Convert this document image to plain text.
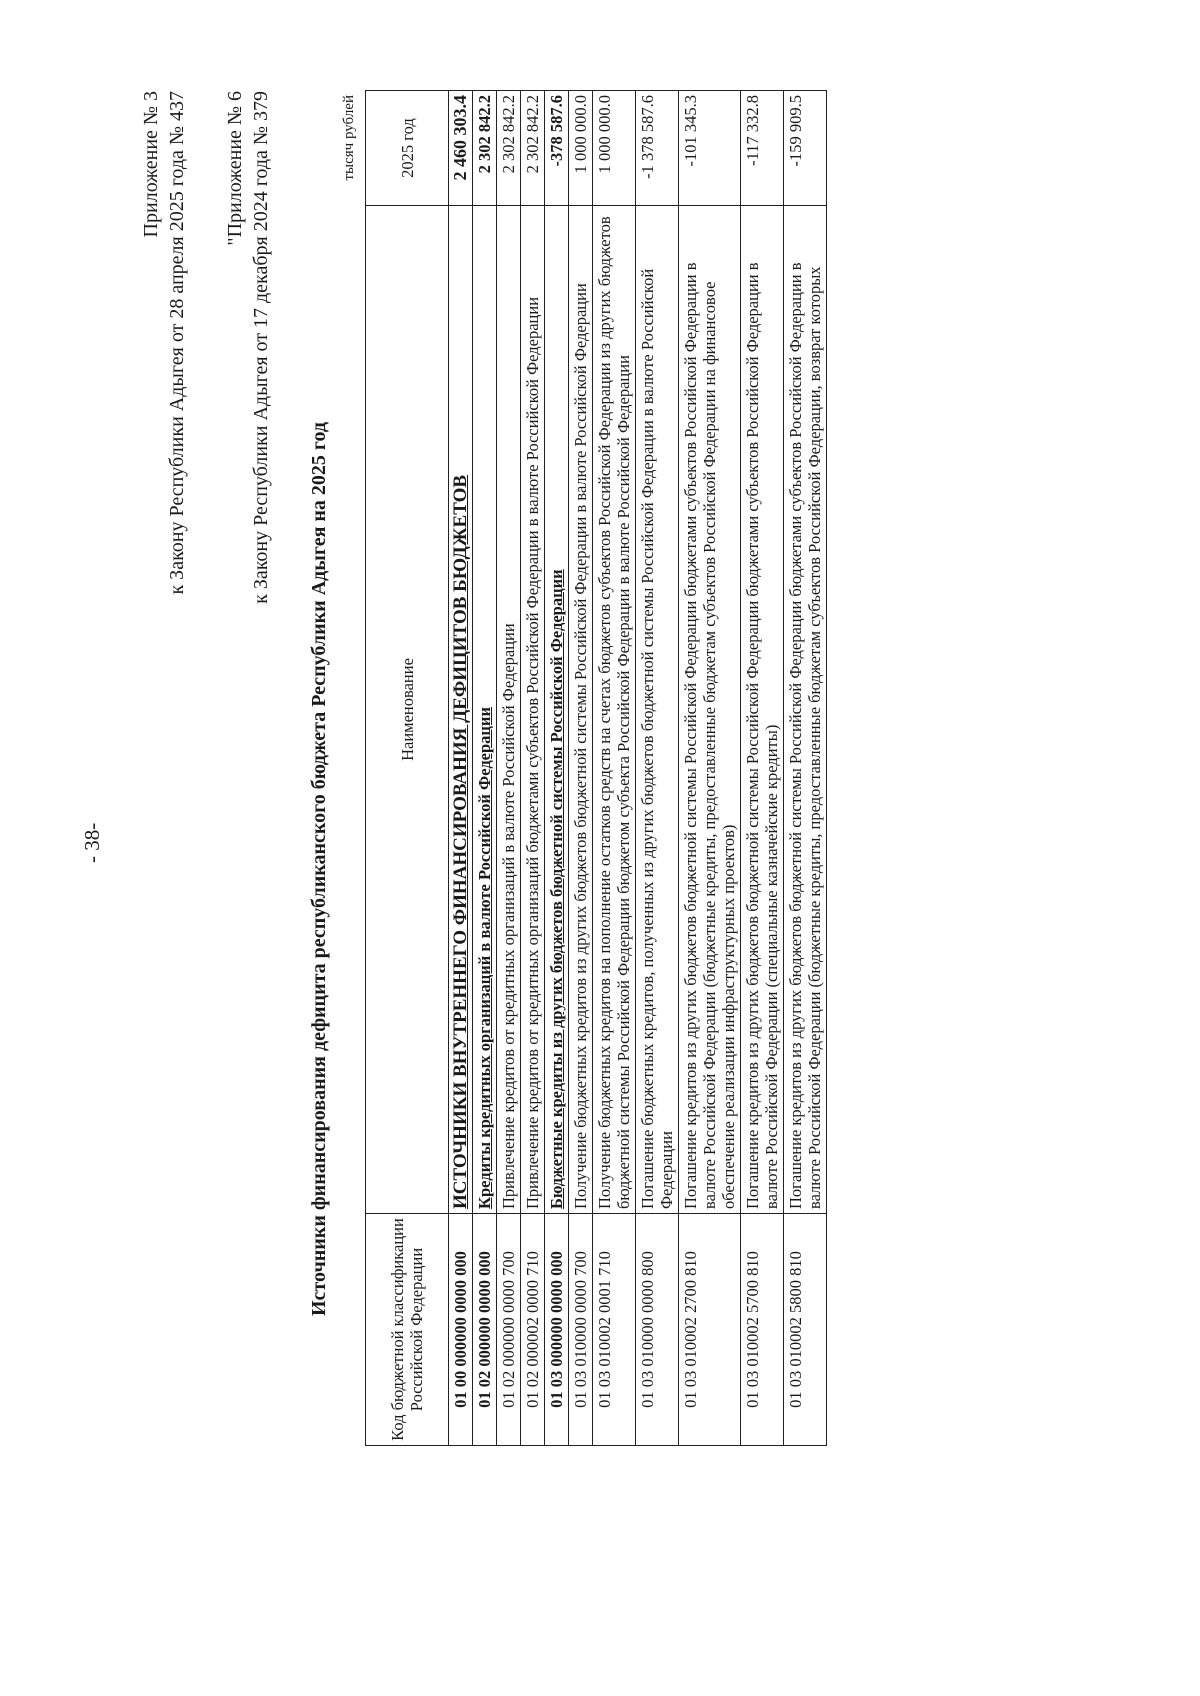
- 38-
Приложение № 3 к Закону Республики Адыгея от 28 апреля 2025 года № 437 "Приложение № 6 к Закону Республики Адыгея от 17 декабря 2024 года № 379
Источники финансирования дефицита республиканского бюджета Республики Адыгея на 2025 год
тысяч рублей
Код бюджетной классификации Российской Федерации	Наименование	2025 год
01 00 000000 0000 000	ИСТОЧНИКИ ВНУТРЕННЕГО ФИНАНСИРОВАНИЯ ДЕФИЦИТОВ БЮДЖЕТОВ	2 460 303.4
01 02 000000 0000 000	Кредиты кредитных организаций в валюте Российской Федерации	2 302 842.2
01 02 000000 0000 700	Привлечение кредитов от кредитных организаций в валюте Российской Федерации	2 302 842.2
01 02 000002 0000 710	Привлечение кредитов от кредитных организаций бюджетами субъектов Российской Федерации в валюте Российской Федерации	2 302 842.2
01 03 000000 0000 000	Бюджетные кредиты из других бюджетов бюджетной системы Российской Федерации	-378 587.6
01 03 010000 0000 700	Получение бюджетных кредитов из других бюджетов бюджетной системы Российской Федерации в валюте Российской Федерации	1 000 000.0
01 03 010002 0001 710	Получение бюджетных кредитов на пополнение остатков средств на счетах бюджетов субъектов Российской Федерации из других бюджетов бюджетной системы Российской Федерации бюджетом субъекта Российской Федерации в валюте Российской Федерации	1 000 000.0
01 03 010000 0000 800	Погашение бюджетных кредитов, полученных из других бюджетов бюджетной системы Российской Федерации в валюте Российской Федерации	-1 378 587.6
01 03 010002 2700 810	Погашение кредитов из других бюджетов бюджетной системы Российской Федерации бюджетами субъектов Российской Федерации в валюте Российской Федерации (бюджетные кредиты, предоставленные бюджетам субъектов Российской Федерации на финансовое обеспечение реализации инфраструктурных проектов)	-101 345.3
01 03 010002 5700 810	Погашение кредитов из других бюджетов бюджетной системы Российской Федерации бюджетами субъектов Российской Федерации в валюте Российской Федерации (специальные казначейские кредиты)	-117 332.8
01 03 010002 5800 810	Погашение кредитов из других бюджетов бюджетной системы Российской Федерации бюджетами субъектов Российской Федерации в валюте Российской Федерации (бюджетные кредиты, предоставленные бюджетам субъектов Российской Федерации, возврат которых	-159 909.5
